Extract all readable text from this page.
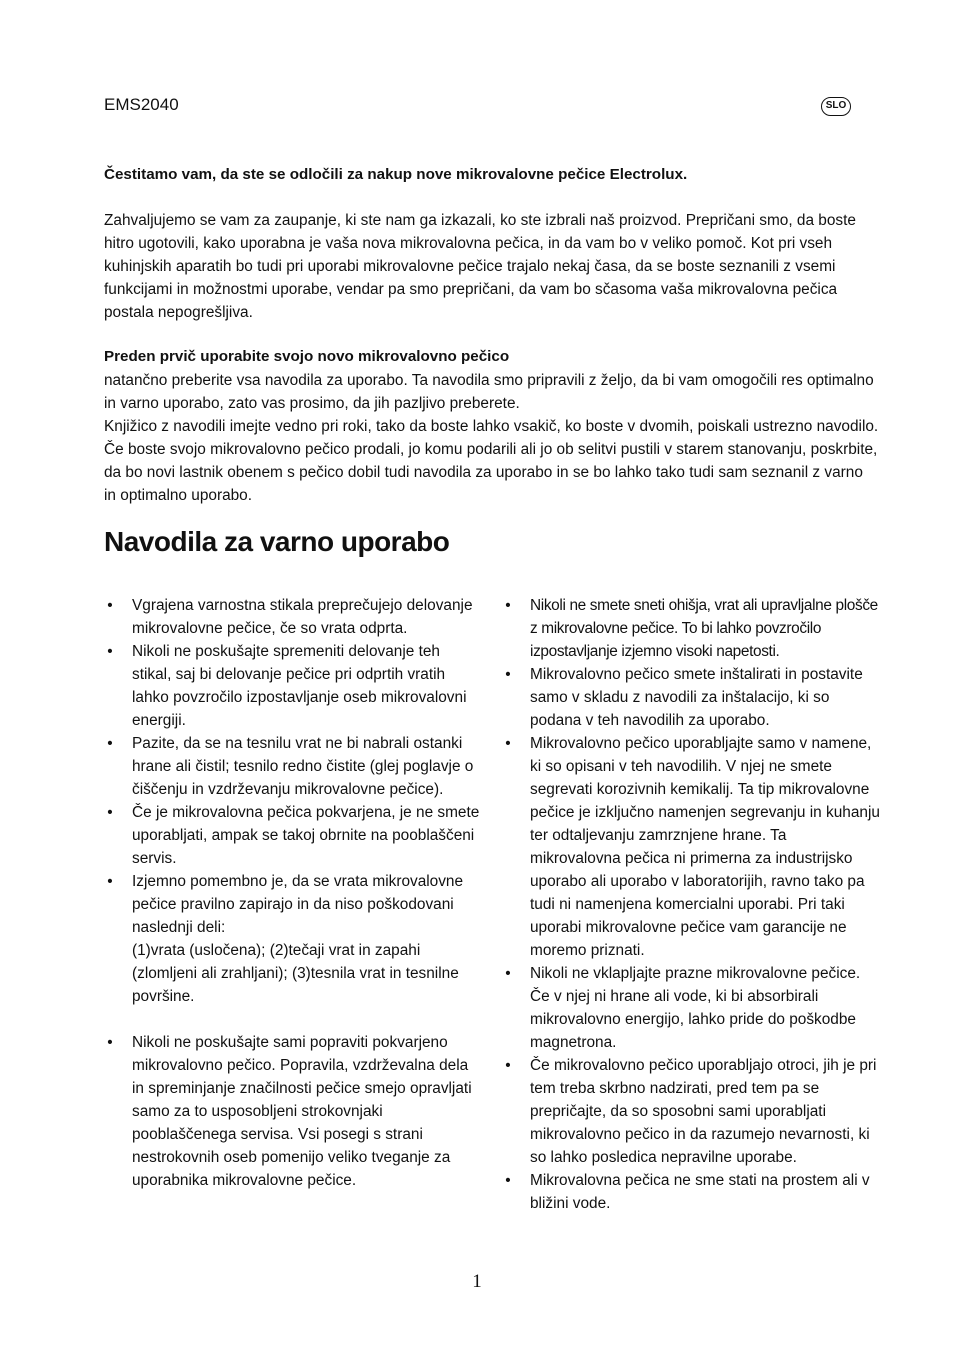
EMS2040	SLO
Čestitamo vam, da ste se odločili za nakup nove mikrovalovne pečice Electrolux.

Zahvaljujemo se vam za zaupanje, ki ste nam ga izkazali, ko ste izbrali naš proizvod. Prepričani smo, da boste hitro ugotovili, kako uporabna je vaša nova mikrovalovna pečica, in da vam bo v veliko pomoč. Kot pri vseh kuhinjskih aparatih bo tudi pri uporabi mikrovalovne pečice trajalo nekaj časa, da se boste seznanili z vsemi funkcijami in možnostmi uporabe, vendar pa smo prepričani, da vam bo sčasoma vaša mikrovalovna pečica postala nepogrešljiva.

Preden prvič uporabite svojo novo mikrovalovno pečico
natančno preberite vsa navodila za uporabo. Ta navodila smo pripravili z željo, da bi vam omogočili res optimalno in varno uporabo, zato vas prosimo, da jih pazljivo preberete.
Knjižico z navodili imejte vedno pri roki, tako da boste lahko vsakič, ko boste v dvomih, poiskali ustrezno navodilo. Če boste svojo mikrovalovno pečico prodali, jo komu podarili ali jo ob selitvi pustili v starem stanovanju, poskrbite, da bo novi lastnik obenem s pečico dobil tudi navodila za uporabo in se bo lahko tako tudi sam seznanil z varno in optimalno uporabo.
Navodila za varno uporabo
• Vgrajena varnostna stikala preprečujejo delovanje mikrovalovne pečice, če so vrata odprta.
• Nikoli ne poskušajte spremeniti delovanje teh stikal, saj bi delovanje pečice pri odprtih vratih lahko povzročilo izpostavljanje oseb mikrovalovni energiji.
• Pazite, da se na tesnilu vrat ne bi nabrali ostanki hrane ali čistil; tesnilo redno čistite (glej poglavje o čiščenju in vzdrževanju mikrovalovne pečice).
• Če je mikrovalovna pečica pokvarjena, je ne smete uporabljati, ampak se takoj obrnite na pooblaščeni servis.
• Izjemno pomembno je, da se vrata mikrovalovne pečice pravilno zapirajo in da niso poškodovani naslednji deli:
(1)vrata (usločena); (2)tečaji vrat in zapahi (zlomljeni ali zrahljani); (3)tesnila vrat in tesnilne površine.
• Nikoli ne poskušajte sami popraviti pokvarjeno mikrovalovno pečico. Popravila, vzdrževalna dela in spreminjanje značilnosti pečice smejo opravljati samo za to usposobljeni strokovnjaki pooblaščenega servisa. Vsi posegi s strani nestrokovnih oseb pomenijo veliko tveganje za uporabnika mikrovalovne pečice.
• Nikoli ne smete sneti ohišja, vrat ali upravljalne plošče z mikrovalovne pečice. To bi lahko povzročilo izpostavljanje izjemno visoki napetosti.
• Mikrovalovno pečico smete inštalirati in postavite samo v skladu z navodili za inštalacijo, ki so podana v teh navodilih za uporabo.
• Mikrovalovno pečico uporabljajte samo v namene, ki so opisani v teh navodilih. V njej ne smete segrevati korozivnih kemikalij. Ta tip mikrovalovne pečice je izključno namenjen segrevanju in kuhanju ter odtaljevanju zamrznjene hrane. Ta mikrovalovna pečica ni primerna za industrijsko uporabo ali uporabo v laboratorijih, ravno tako pa tudi ni namenjena komercialni uporabi. Pri taki uporabi mikrovalovne pečice vam garancije ne moremo priznati.
• Nikoli ne vklapljajte prazne mikrovalovne pečice. Če v njej ni hrane ali vode, ki bi absorbirali mikrovalovno energijo, lahko pride do poškodbe magnetrona.
• Če mikrovalovno pečico uporabljajo otroci, jih je pri tem treba skrbno nadzirati, pred tem pa se prepričajte, da so sposobni sami uporabljati mikrovalovno pečico in da razumejo nevarnosti, ki so lahko posledica nepravilne uporabe.
• Mikrovalovna pečica ne sme stati na prostem ali v bližini vode.
1
